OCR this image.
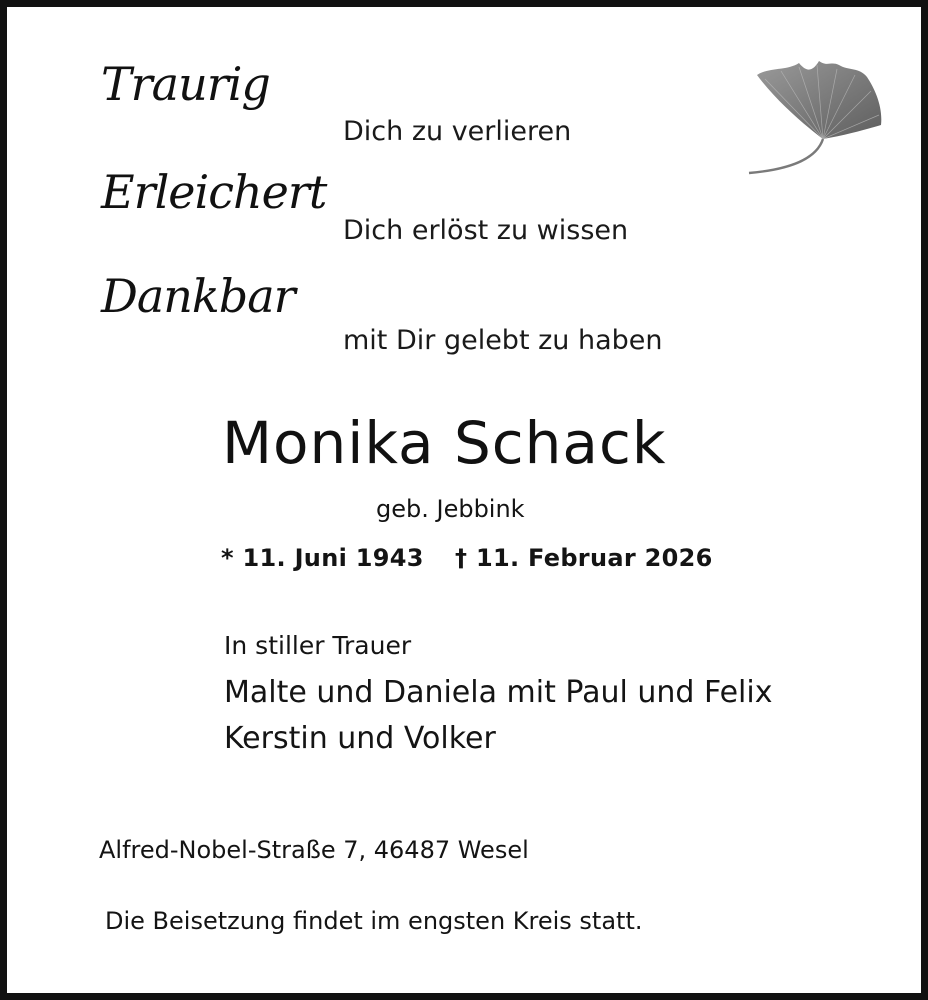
Traurig
Erleichert
Dankbar
Dich zu verlieren
Dich erlöst zu wissen
mit Dir gelebt zu haben
Monika Schack
geb. Jebbink
* 11. Juni 1943 † 11. Februar 2026
In stiller Trauer
Malte und Daniela mit Paul und Felix
Kerstin und Volker
Alfred-Nobel-Straße 7, 46487 Wesel
Die Beisetzung findet im engsten Kreis statt.
